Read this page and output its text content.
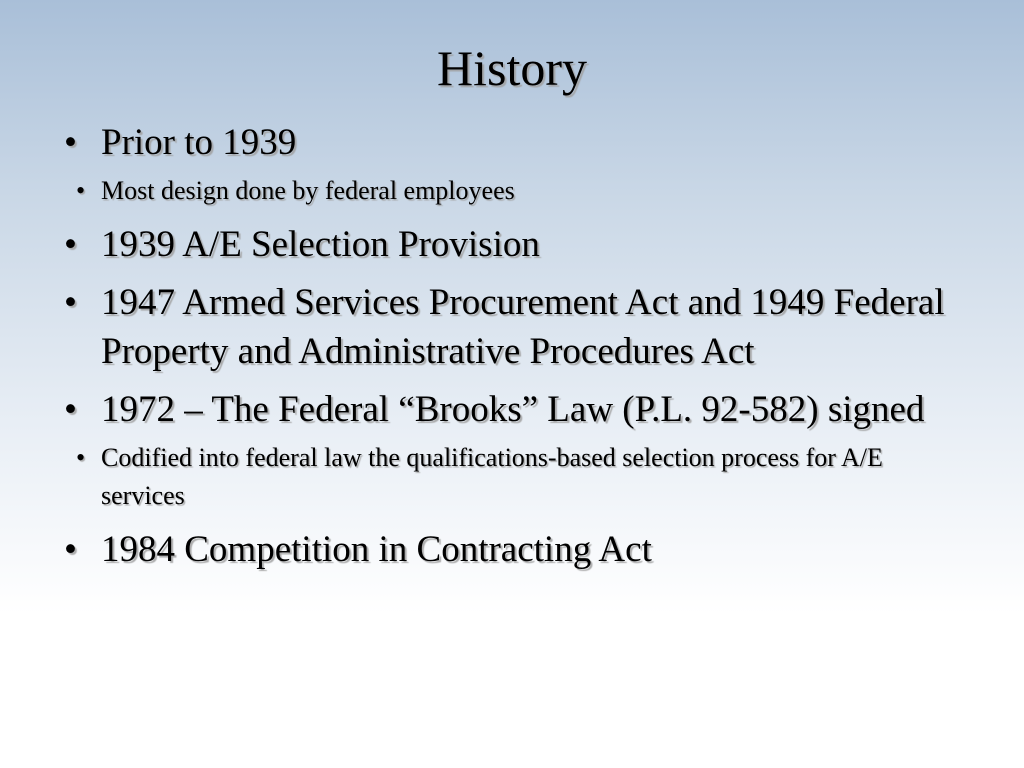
History
• Prior to 1939
• Most design done by federal employees
• 1939 A/E Selection Provision
• 1947 Armed Services Procurement Act and 1949 Federal Property and Administrative Procedures Act
• 1972 – The Federal “Brooks” Law (P.L. 92-582) signed
• Codified into federal law the qualifications-based selection process for A/E services
• 1984 Competition in Contracting Act
